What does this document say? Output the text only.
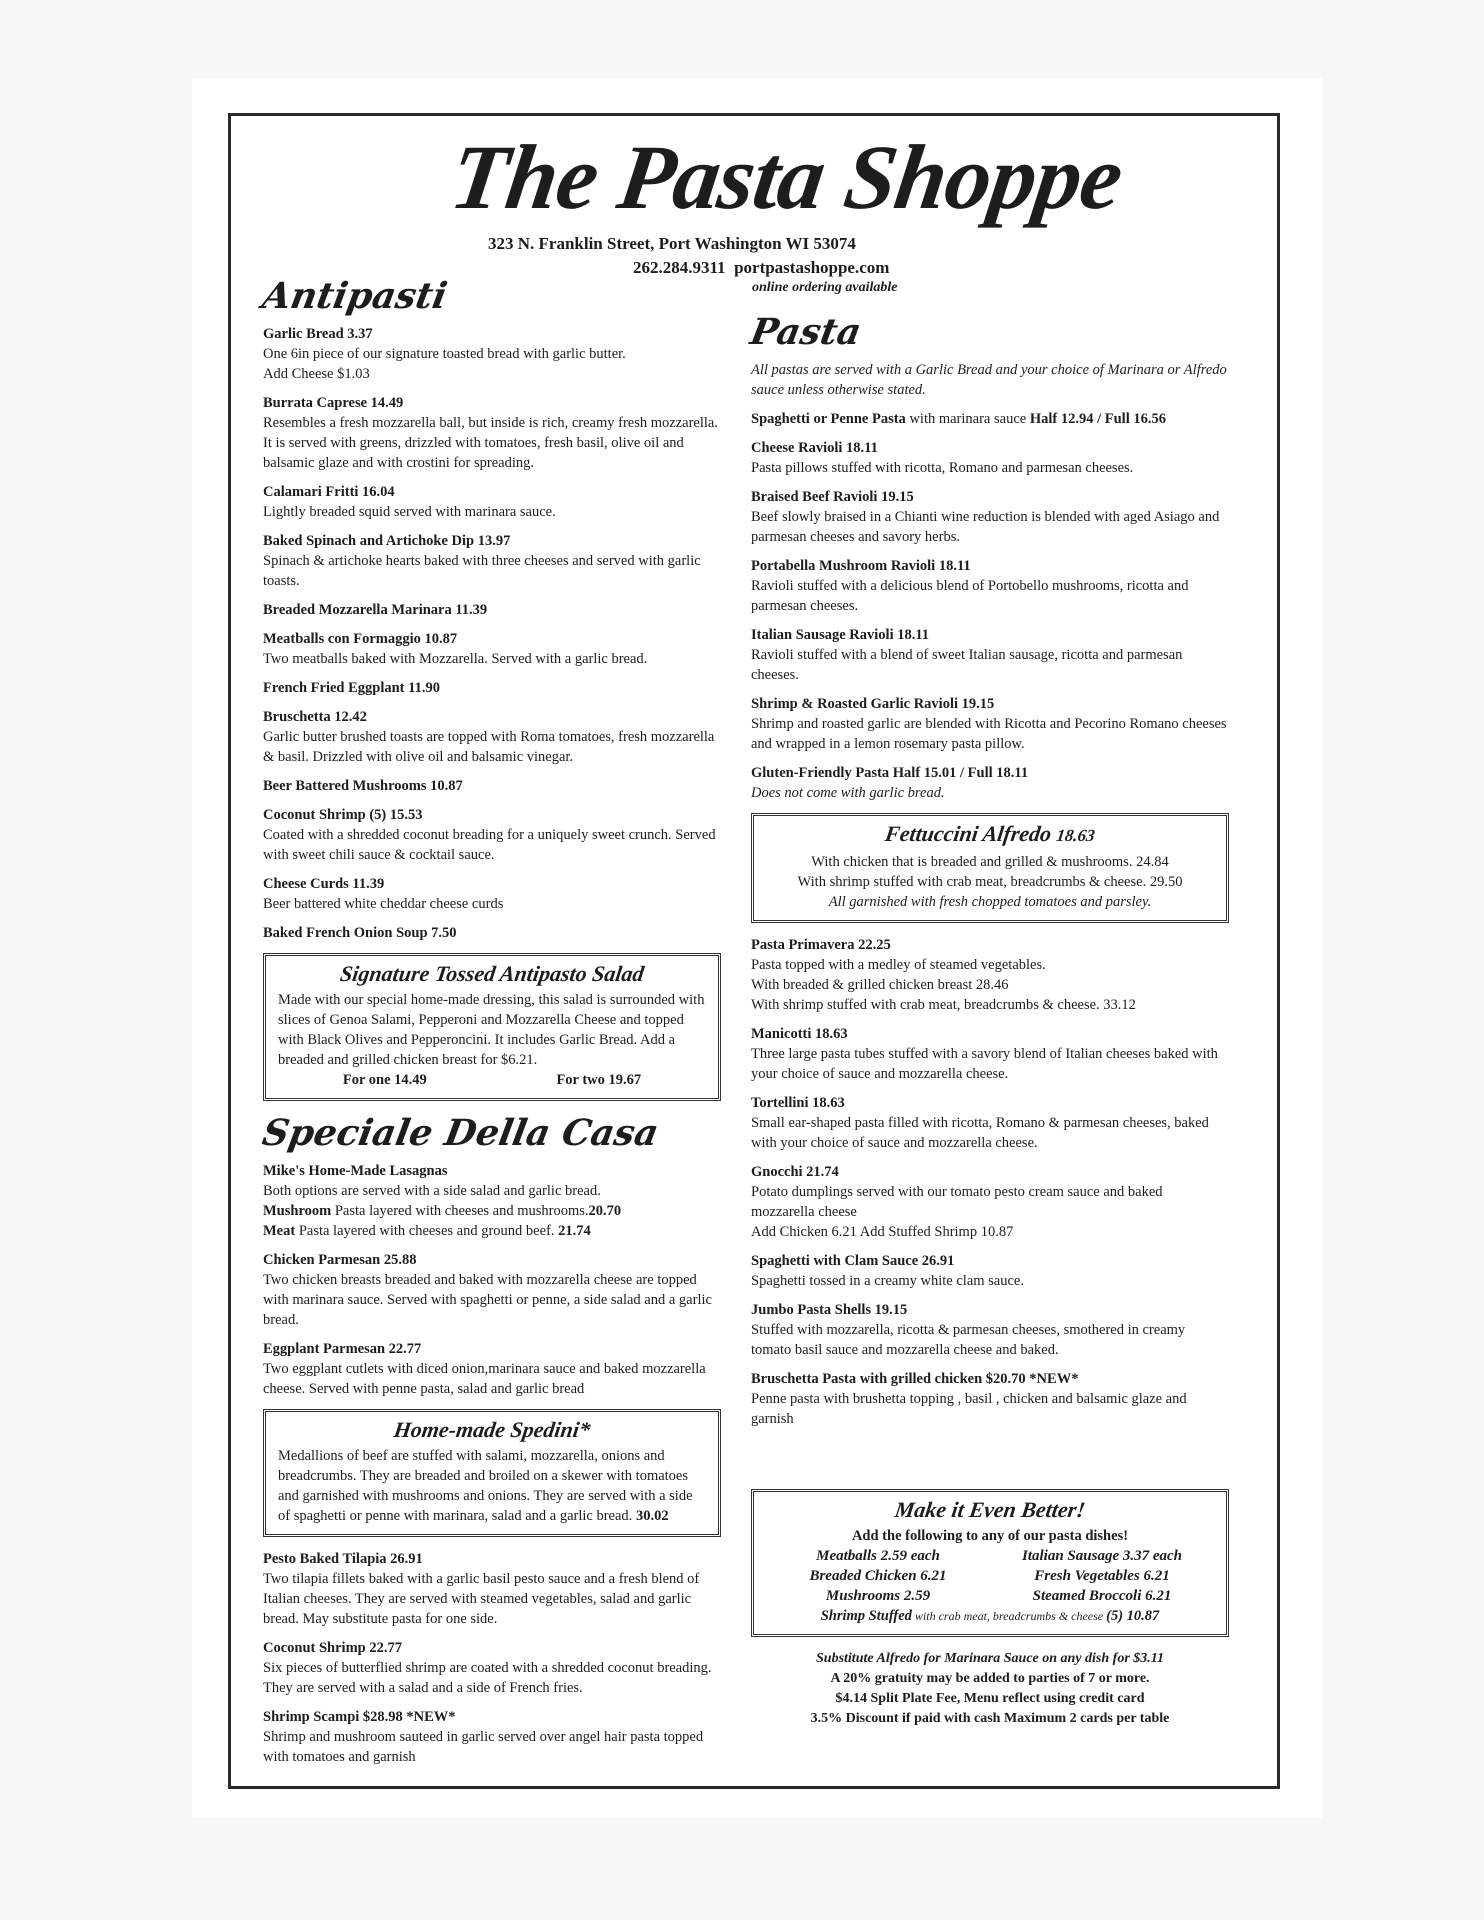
The Pasta Shoppe
323 N. Franklin Street, Port Washington WI 53074
262.284.9311 portpastashoppe.com
online ordering available
Antipasti
Garlic Bread 3.37
One 6in piece of our signature toasted bread with garlic butter.
Add Cheese $1.03
Burrata Caprese 14.49
Resembles a fresh mozzarella ball, but inside is rich, creamy fresh mozzarella. It is served with greens, drizzled with tomatoes, fresh basil, olive oil and balsamic glaze and with crostini for spreading.
Calamari Fritti 16.04
Lightly breaded squid served with marinara sauce.
Baked Spinach and Artichoke Dip 13.97
Spinach & artichoke hearts baked with three cheeses and served with garlic toasts.
Breaded Mozzarella Marinara 11.39
Meatballs con Formaggio 10.87
Two meatballs baked with Mozzarella. Served with a garlic bread.
French Fried Eggplant 11.90
Bruschetta 12.42
Garlic butter brushed toasts are topped with Roma tomatoes, fresh mozzarella & basil. Drizzled with olive oil and balsamic vinegar.
Beer Battered Mushrooms 10.87
Coconut Shrimp (5) 15.53
Coated with a shredded coconut breading for a uniquely sweet crunch. Served with sweet chili sauce & cocktail sauce.
Cheese Curds 11.39
Beer battered white cheddar cheese curds
Baked French Onion Soup 7.50
Signature Tossed Antipasto Salad

Made with our special home-made dressing, this salad is surrounded with slices of Genoa Salami, Pepperoni and Mozzarella Cheese and topped with Black Olives and Pepperoncini. It includes Garlic Bread. Add a breaded and grilled chicken breast for $6.21.

For one 14.49	For two 19.67
Speciale Della Casa
Mike's Home-Made Lasagnas
Both options are served with a side salad and garlic bread.
Mushroom Pasta layered with cheeses and mushrooms.20.70
Meat Pasta layered with cheeses and ground beef. 21.74
Chicken Parmesan 25.88
Two chicken breasts breaded and baked with mozzarella cheese are topped with marinara sauce. Served with spaghetti or penne, a side salad and a garlic bread.
Eggplant Parmesan 22.77
Two eggplant cutlets with diced onion,marinara sauce and baked mozzarella cheese. Served with penne pasta, salad and garlic bread
Home-made Spedini*

Medallions of beef are stuffed with salami, mozzarella, onions and breadcrumbs. They are breaded and broiled on a skewer with tomatoes and garnished with mushrooms and onions. They are served with a side of spaghetti or penne with marinara, salad and a garlic bread. 30.02

Pesto Baked Tilapia 26.91
Two tilapia fillets baked with a garlic basil pesto sauce and a fresh blend of Italian cheeses. They are served with steamed vegetables, salad and garlic bread. May substitute pasta for one side.
Coconut Shrimp 22.77
Six pieces of butterflied shrimp are coated with a shredded coconut breading. They are served with a salad and a side of French fries.
Shrimp Scampi $28.98 *NEW*
Shrimp and mushroom sauteed in garlic served over angel hair pasta topped with tomatoes and garnish
Pasta
All pastas are served with a Garlic Bread and your choice of Marinara or Alfredo sauce unless otherwise stated.
Spaghetti or Penne Pasta with marinara sauce Half 12.94 / Full 16.56
Cheese Ravioli 18.11
Pasta pillows stuffed with ricotta, Romano and parmesan cheeses.
Braised Beef Ravioli 19.15
Beef slowly braised in a Chianti wine reduction is blended with aged Asiago and parmesan cheeses and savory herbs.
Portabella Mushroom Ravioli 18.11
Ravioli stuffed with a delicious blend of Portobello mushrooms, ricotta and parmesan cheeses.
Italian Sausage Ravioli 18.11
Ravioli stuffed with a blend of sweet Italian sausage, ricotta and parmesan cheeses.
Shrimp & Roasted Garlic Ravioli 19.15
Shrimp and roasted garlic are blended with Ricotta and Pecorino Romano cheeses and wrapped in a lemon rosemary pasta pillow.
Gluten-Friendly Pasta Half 15.01 / Full 18.11
Does not come with garlic bread.
Fettuccini Alfredo 18.63

With chicken that is breaded and grilled & mushrooms. 24.84

With shrimp stuffed with crab meat, breadcrumbs & cheese. 29.50

All garnished with fresh chopped tomatoes and parsley.

Pasta Primavera 22.25
Pasta topped with a medley of steamed vegetables.
With breaded & grilled chicken breast 28.46
With shrimp stuffed with crab meat, breadcrumbs & cheese. 33.12
Manicotti 18.63
Three large pasta tubes stuffed with a savory blend of Italian cheeses baked with your choice of sauce and mozzarella cheese.
Tortellini 18.63
Small ear-shaped pasta filled with ricotta, Romano & parmesan cheeses, baked with your choice of sauce and mozzarella cheese.
Gnocchi 21.74
Potato dumplings served with our tomato pesto cream sauce and baked mozzarella cheese
Add Chicken 6.21 Add Stuffed Shrimp 10.87
Spaghetti with Clam Sauce 26.91
Spaghetti tossed in a creamy white clam sauce.
Jumbo Pasta Shells 19.15
Stuffed with mozzarella, ricotta & parmesan cheeses, smothered in creamy tomato basil sauce and mozzarella cheese and baked.
Bruschetta Pasta with grilled chicken $20.70 *NEW*
Penne pasta with brushetta topping , basil , chicken and balsamic glaze and garnish
Make it Even Better!

Add the following to any of our pasta dishes!

Meatballs 2.59 each	Italian Sausage 3.37 each
Breaded Chicken 6.21	Fresh Vegetables 6.21
Mushrooms 2.59	Steamed Broccoli 6.21

Shrimp Stuffed with crab meat, breadcrumbs & cheese (5) 10.87

Substitute Alfredo for Marinara Sauce on any dish for $3.11
A 20% gratuity may be added to parties of 7 or more.
$4.14 Split Plate Fee, Menu reflect using credit card
3.5% Discount if paid with cash Maximum 2 cards per table
